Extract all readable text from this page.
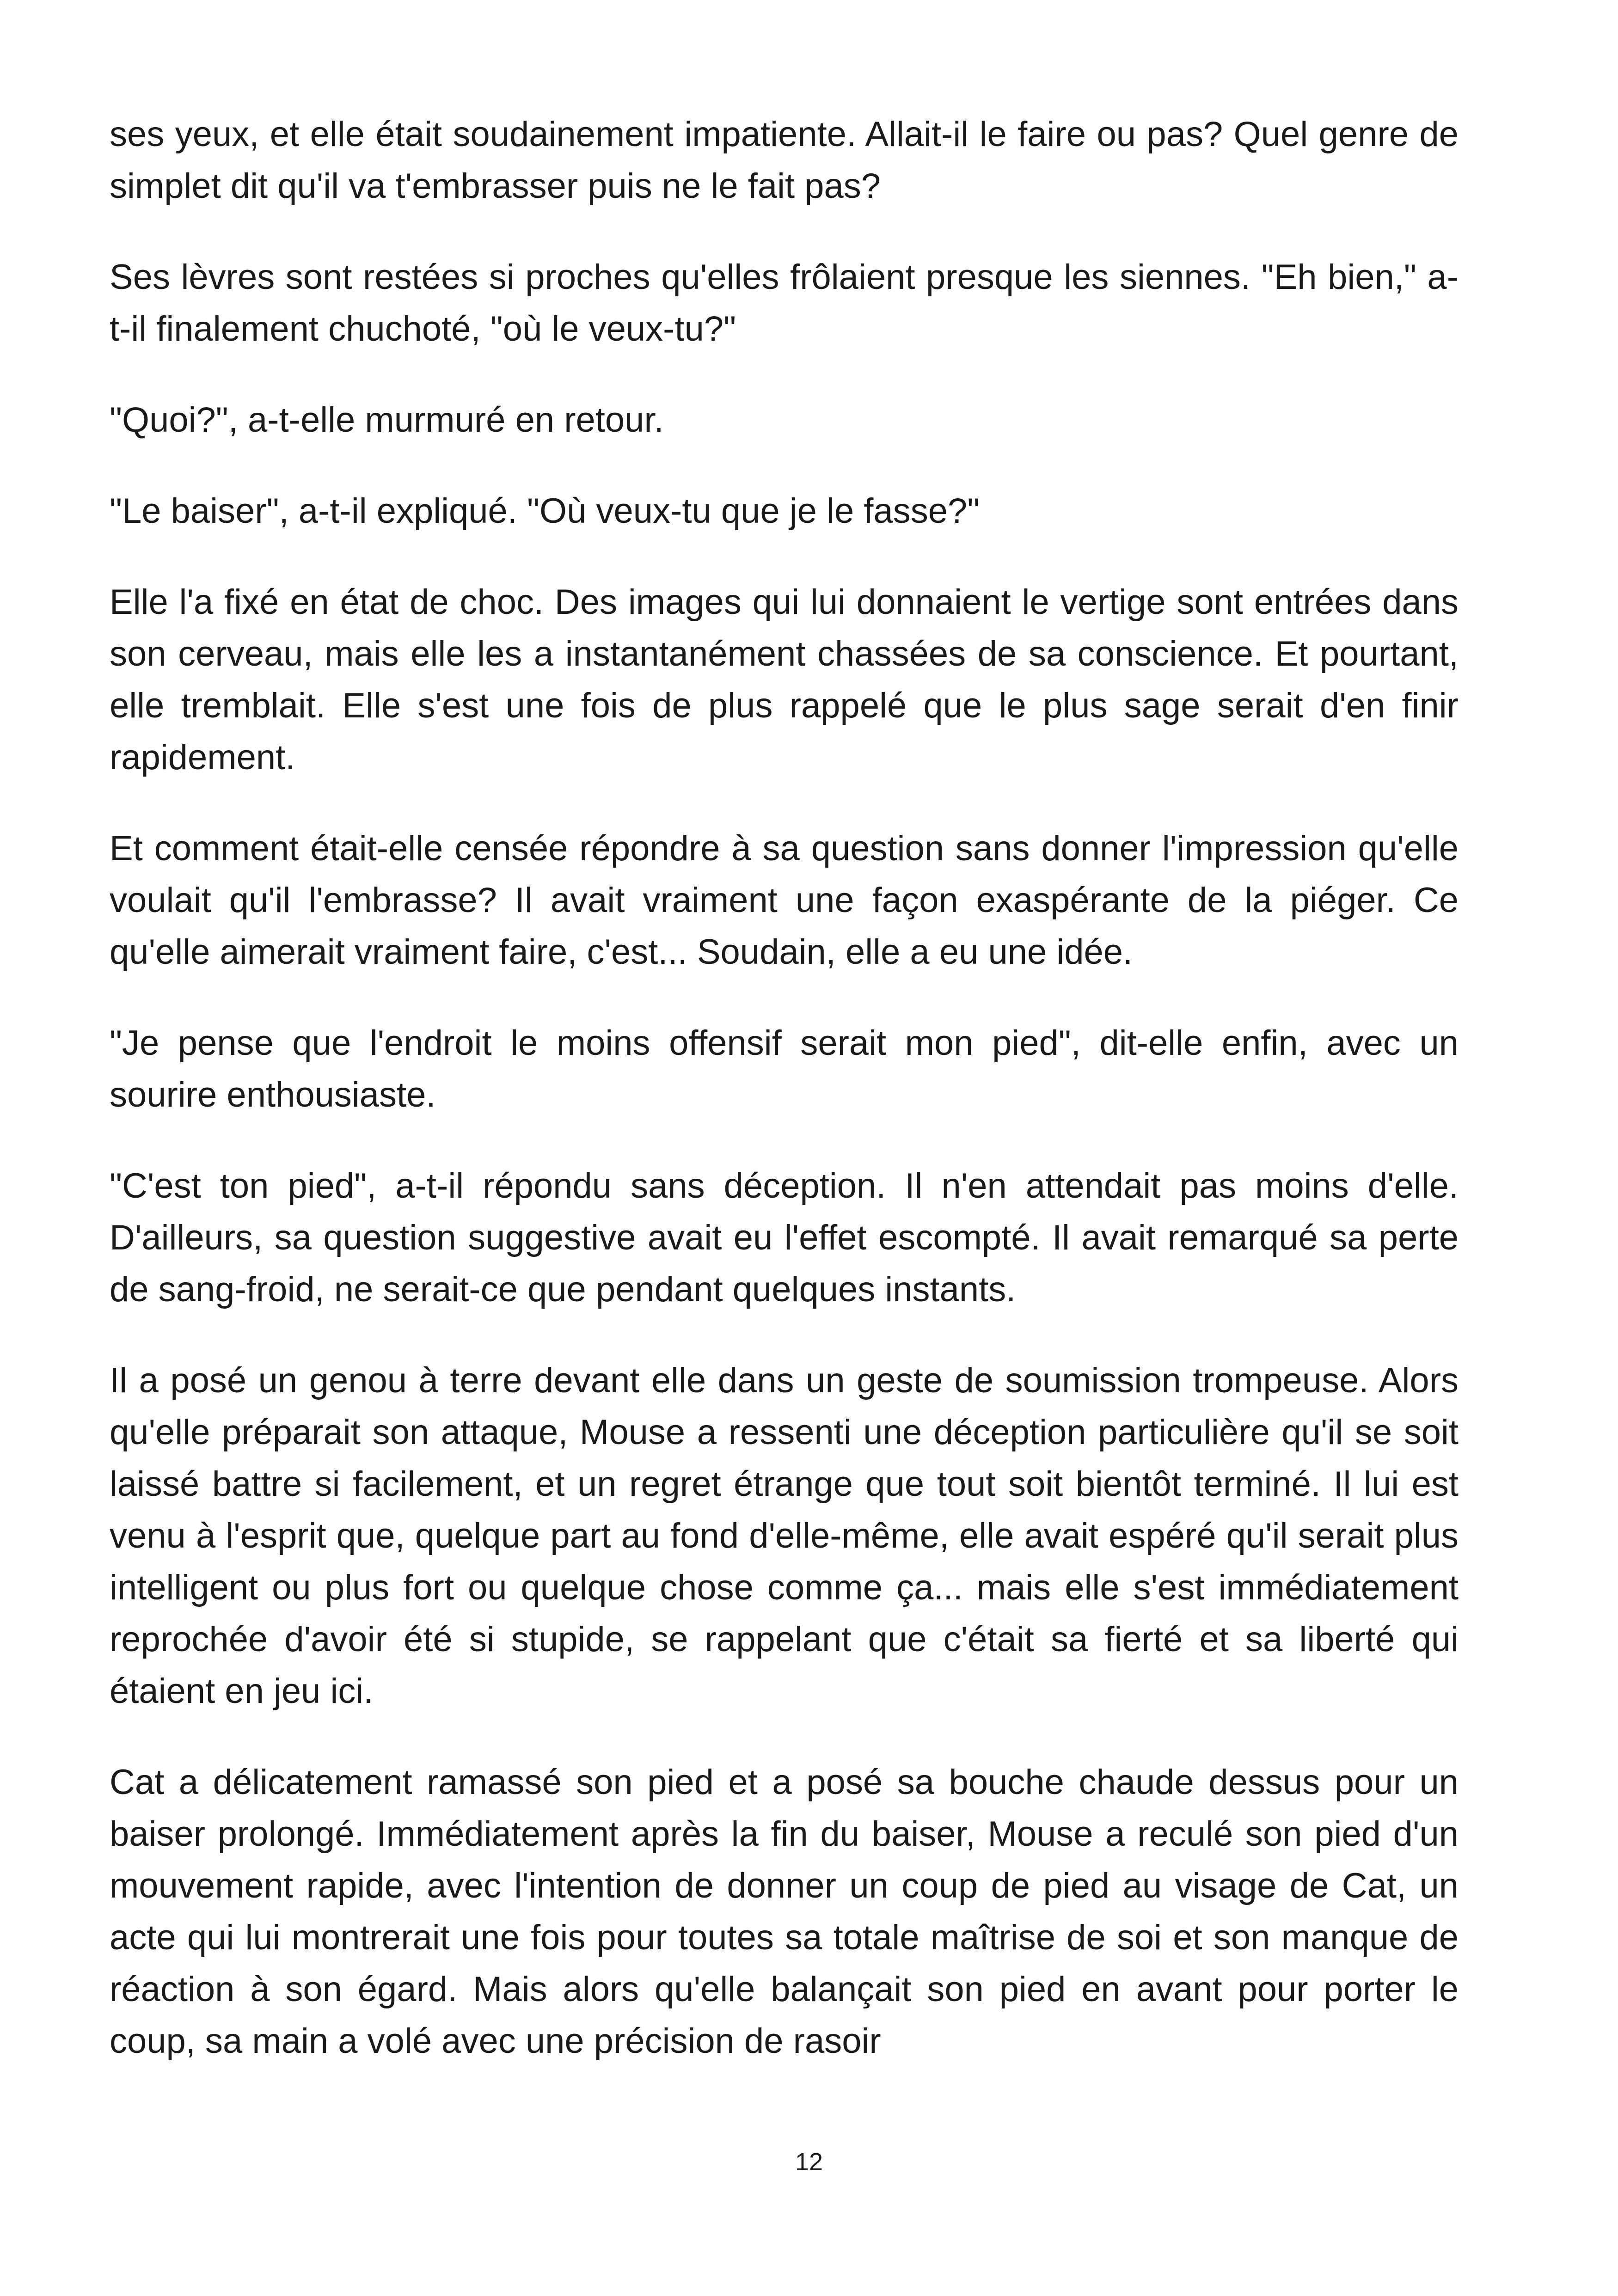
ses yeux, et elle était soudainement impatiente. Allait-il le faire ou pas? Quel genre de simplet dit qu'il va t'embrasser puis ne le fait pas?

Ses lèvres sont restées si proches qu'elles frôlaient presque les siennes. "Eh bien," a-t-il finalement chuchoté, "où le veux-tu?"

"Quoi?", a-t-elle murmuré en retour.

"Le baiser", a-t-il expliqué. "Où veux-tu que je le fasse?"

Elle l'a fixé en état de choc. Des images qui lui donnaient le vertige sont entrées dans son cerveau, mais elle les a instantanément chassées de sa conscience. Et pourtant, elle tremblait. Elle s'est une fois de plus rappelé que le plus sage serait d'en finir rapidement.

Et comment était-elle censée répondre à sa question sans donner l'impression qu'elle voulait qu'il l'embrasse? Il avait vraiment une façon exaspérante de la piéger. Ce qu'elle aimerait vraiment faire, c'est... Soudain, elle a eu une idée.

"Je pense que l'endroit le moins offensif serait mon pied", dit-elle enfin, avec un sourire enthousiaste.

"C'est ton pied", a-t-il répondu sans déception. Il n'en attendait pas moins d'elle. D'ailleurs, sa question suggestive avait eu l'effet escompté. Il avait remarqué sa perte de sang-froid, ne serait-ce que pendant quelques instants.

Il a posé un genou à terre devant elle dans un geste de soumission trompeuse. Alors qu'elle préparait son attaque, Mouse a ressenti une déception particulière qu'il se soit laissé battre si facilement, et un regret étrange que tout soit bientôt terminé. Il lui est venu à l'esprit que, quelque part au fond d'elle-même, elle avait espéré qu'il serait plus intelligent ou plus fort ou quelque chose comme ça... mais elle s'est immédiatement reprochée d'avoir été si stupide, se rappelant que c'était sa fierté et sa liberté qui étaient en jeu ici.

Cat a délicatement ramassé son pied et a posé sa bouche chaude dessus pour un baiser prolongé. Immédiatement après la fin du baiser, Mouse a reculé son pied d'un mouvement rapide, avec l'intention de donner un coup de pied au visage de Cat, un acte qui lui montrerait une fois pour toutes sa totale maîtrise de soi et son manque de réaction à son égard. Mais alors qu'elle balançait son pied en avant pour porter le coup, sa main a volé avec une précision de rasoir

12
